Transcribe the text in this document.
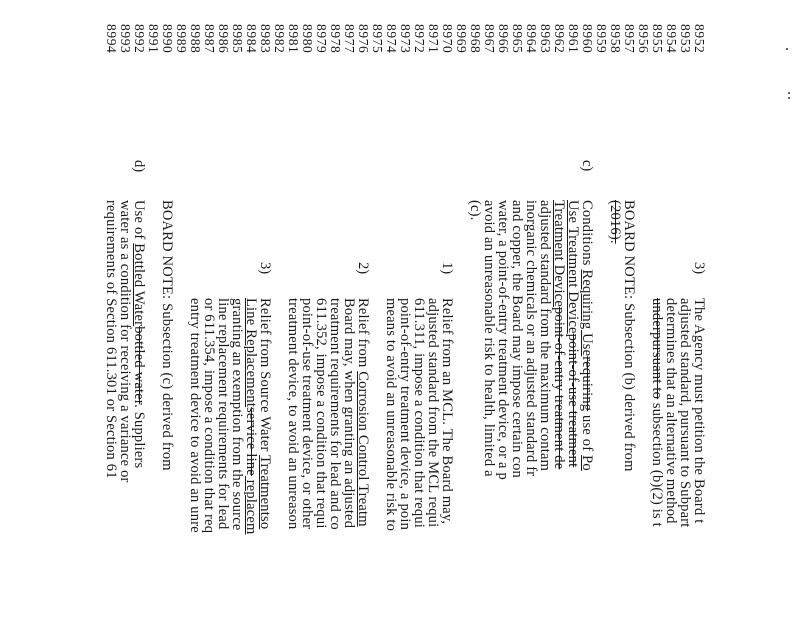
8952
8953
8954
8955
8956
8957
8958
8959
8960
8961
8962
8963
8964
8965
8966
8967
8968
8969
8970
8971
8972
8973
8974
8975
8976
8977
8978
8979
8980
8981
8982
8983
8984
8985
8986
8987
8988
8989
8990
8991
8992
8993
8994
3)
The Agency must petition the Board t
adjusted standard, pursuant to Subpart
determines that an alternative method
underpursuant to subsection (b)(2) is t
BOARD NOTE: Subsection (b) derived from
(2016).
c)
Conditions Requiring Userequiring use of Po
Use Treatment Devicepoint-of-use treatment
Treatment Devicepoint-of-entry treatment de
adjusted standard from the maximum contam
inorganic chemicals or an adjusted standard fr
and copper, the Board may impose certain con
water, a point-of-entry treatment device, or a p
avoid an unreasonable risk to health, limited a
(c).
1)
Relief from an MCL. The Board may,
adjusted standard from the MCL requi
611.311, impose a condition that requi
point-of-entry treatment device, a poin
means to avoid an unreasonable risk to
2)
Relief from Corrosion Control Treatm
Board may, when granting an adjusted
treatment requirements for lead and co
611.352, impose a condition that requi
point-of-use treatment device, or other
treatment device, to avoid an unreason
3)
Relief from Source Water Treatmentso
Line Replacementservice line replacem
granting an exemption from the source
line replacement requirements for lead
or 611.354, impose a condition that req
entry treatment device to avoid an unre
BOARD NOTE: Subsection (c) derived from
d)
Use of Bottled Waterbottled water. Suppliers
water as a condition for receiving a variance or
requirements of Section 611.301 or Section 61
